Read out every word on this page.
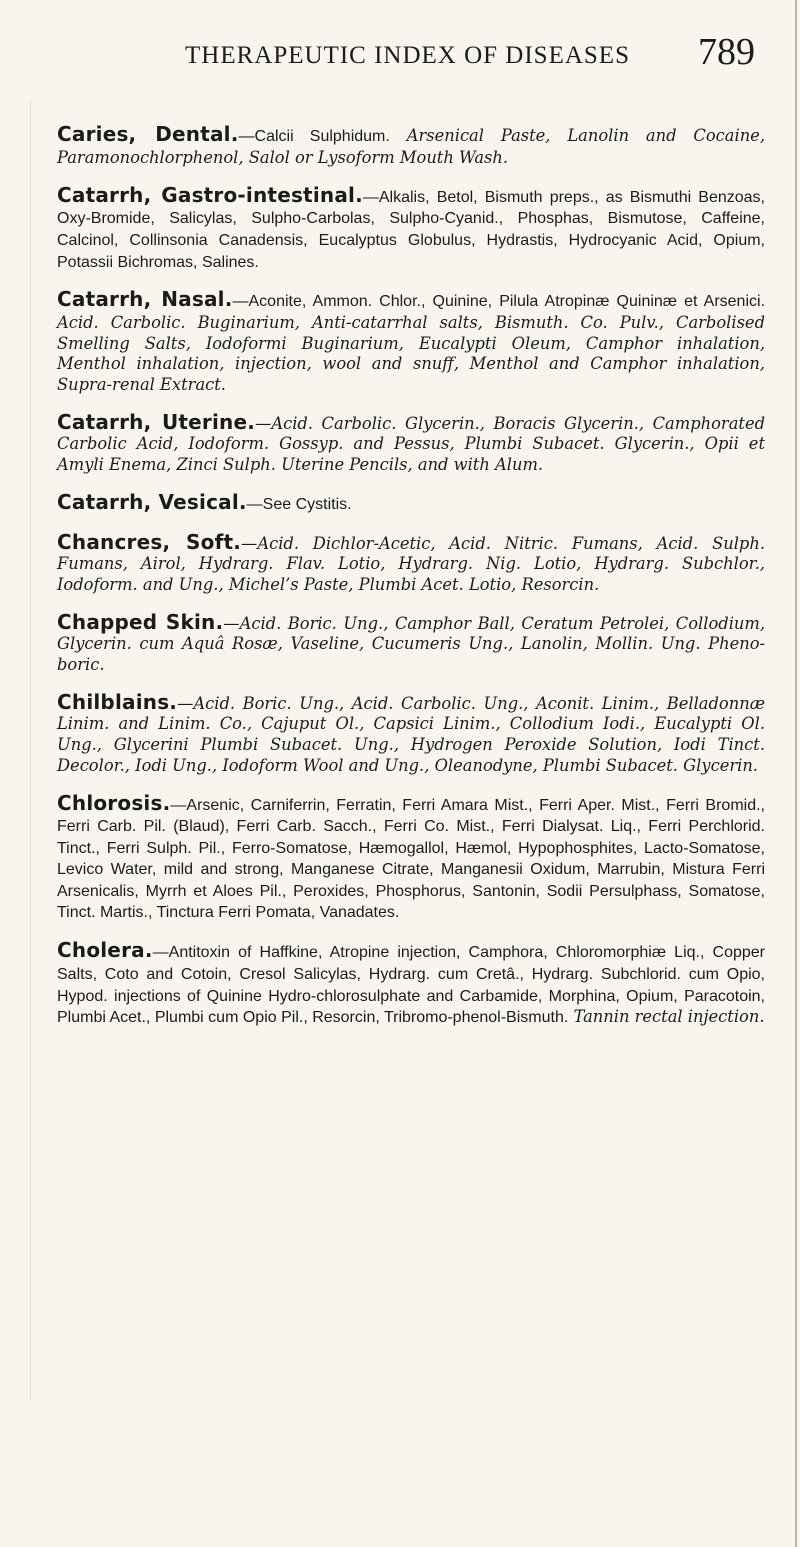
THERAPEUTIC INDEX OF DISEASES 789

Caries, Dental.—Calcii Sulphidum. Arsenical Paste, Lanolin and Cocaine, Paramonochlorphenol, Salol or Lysoform Mouth Wash.

Catarrh, Gastro-intestinal.—Alkalis, Betol, Bismuth preps., as Bismuthi Benzoas, Oxy-Bromide, Salicylas, Sulpho-Carbolas, Sulpho-Cyanid., Phosphas, Bismutose, Caffeine, Calcinol, Collinsonia Canadensis, Eucalyptus Globulus, Hydrastis, Hydrocyanic Acid, Opium, Potassii Bichromas, Salines.

Catarrh, Nasal.—Aconite, Ammon. Chlor., Quinine, Pilula Atropinæ Quininæ et Arsenici. Acid. Carbolic. Buginarium, Anti-catarrhal salts, Bismuth. Co. Pulv., Carbolised Smelling Salts, Iodoformi Buginarium, Eucalypti Oleum, Camphor inhalation, Menthol inhalation, injection, wool and snuff, Menthol and Camphor inhalation, Supra-renal Extract.

Catarrh, Uterine.—Acid. Carbolic. Glycerin., Boracis Glycerin., Camphorated Carbolic Acid, Iodoform. Gossyp. and Pessus, Plumbi Subacet. Glycerin., Opii et Amyli Enema, Zinci Sulph. Uterine Pencils, and with Alum.

Catarrh, Vesical.—See Cystitis.

Chancres, Soft.—Acid. Dichlor-Acetic, Acid. Nitric. Fumans, Acid. Sulph. Fumans, Airol, Hydrarg. Flav. Lotio, Hydrarg. Nig. Lotio, Hydrarg. Subchlor., Iodoform. and Ung., Michel’s Paste, Plumbi Acet. Lotio, Resorcin.

Chapped Skin.—Acid. Boric. Ung., Camphor Ball, Ceratum Petrolei, Collodium, Glycerin. cum Aquâ Rosæ, Vaseline, Cucumeris Ung., Lanolin, Mollin. Ung. Pheno-boric.

Chilblains.—Acid. Boric. Ung., Acid. Carbolic. Ung., Aconit. Linim., Belladonnæ Linim. and Linim. Co., Cajuput Ol., Capsici Linim., Collodium Iodi., Eucalypti Ol. Ung., Glycerini Plumbi Subacet. Ung., Hydrogen Peroxide Solution, Iodi Tinct. Decolor., Iodi Ung., Iodoform Wool and Ung., Oleanodyne, Plumbi Subacet. Glycerin.

Chlorosis.—Arsenic, Carniferrin, Ferratin, Ferri Amara Mist., Ferri Aper. Mist., Ferri Bromid., Ferri Carb. Pil. (Blaud), Ferri Carb. Sacch., Ferri Co. Mist., Ferri Dialysat. Liq., Ferri Perchlorid. Tinct., Ferri Sulph. Pil., Ferro-Somatose, Hæmogallol, Hæmol, Hypophosphites, Lacto-Somatose, Levico Water, mild and strong, Manganese Citrate, Manganesii Oxidum, Marrubin, Mistura Ferri Arsenicalis, Myrrh et Aloes Pil., Peroxides, Phosphorus, Santonin, Sodii Persulphass, Somatose, Tinct. Martis., Tinctura Ferri Pomata, Vanadates.

Cholera.—Antitoxin of Haffkine, Atropine injection, Camphora, Chloromorphiæ Liq., Copper Salts, Coto and Cotoin, Cresol Salicylas, Hydrarg. cum Cretâ., Hydrarg. Subchlorid. cum Opio, Hypod. injections of Quinine Hydro-chlorosulphate and Carbamide, Morphina, Opium, Paracotoin, Plumbi Acet., Plumbi cum Opio Pil., Resorcin, Tribromo-phenol-Bismuth. Tannin rectal injection.
